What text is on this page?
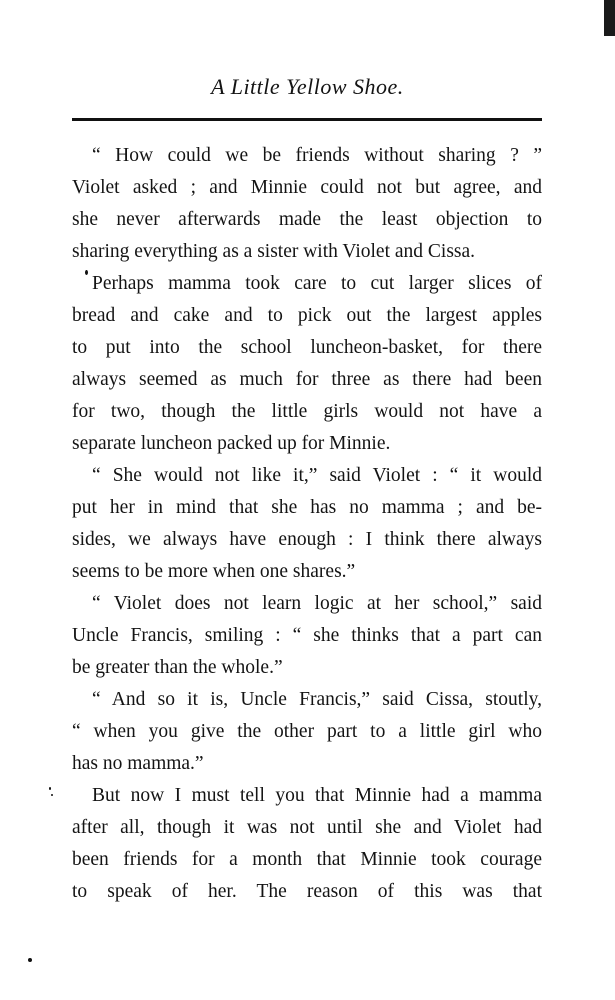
A Little Yellow Shoe.
“ How could we be friends without sharing ? ”
Violet asked ; and Minnie could not but agree, and
she never afterwards made the least objection to
sharing everything as a sister with Violet and Cissa.
Perhaps mamma took care to cut larger slices of
bread and cake and to pick out the largest apples
to put into the school luncheon-basket, for there
always seemed as much for three as there had been
for two, though the little girls would not have a
separate luncheon packed up for Minnie.
“ She would not like it,” said Violet : “ it would
put her in mind that she has no mamma ; and be-
sides, we always have enough : I think there always
seems to be more when one shares.”
“ Violet does not learn logic at her school,” said
Uncle Francis, smiling : “ she thinks that a part can
be greater than the whole.”
“ And so it is, Uncle Francis,” said Cissa, stoutly,
“ when you give the other part to a little girl who
has no mamma.”
But now I must tell you that Minnie had a mamma
after all, though it was not until she and Violet had
been friends for a month that Minnie took courage
to speak of her. The reason of this was that
